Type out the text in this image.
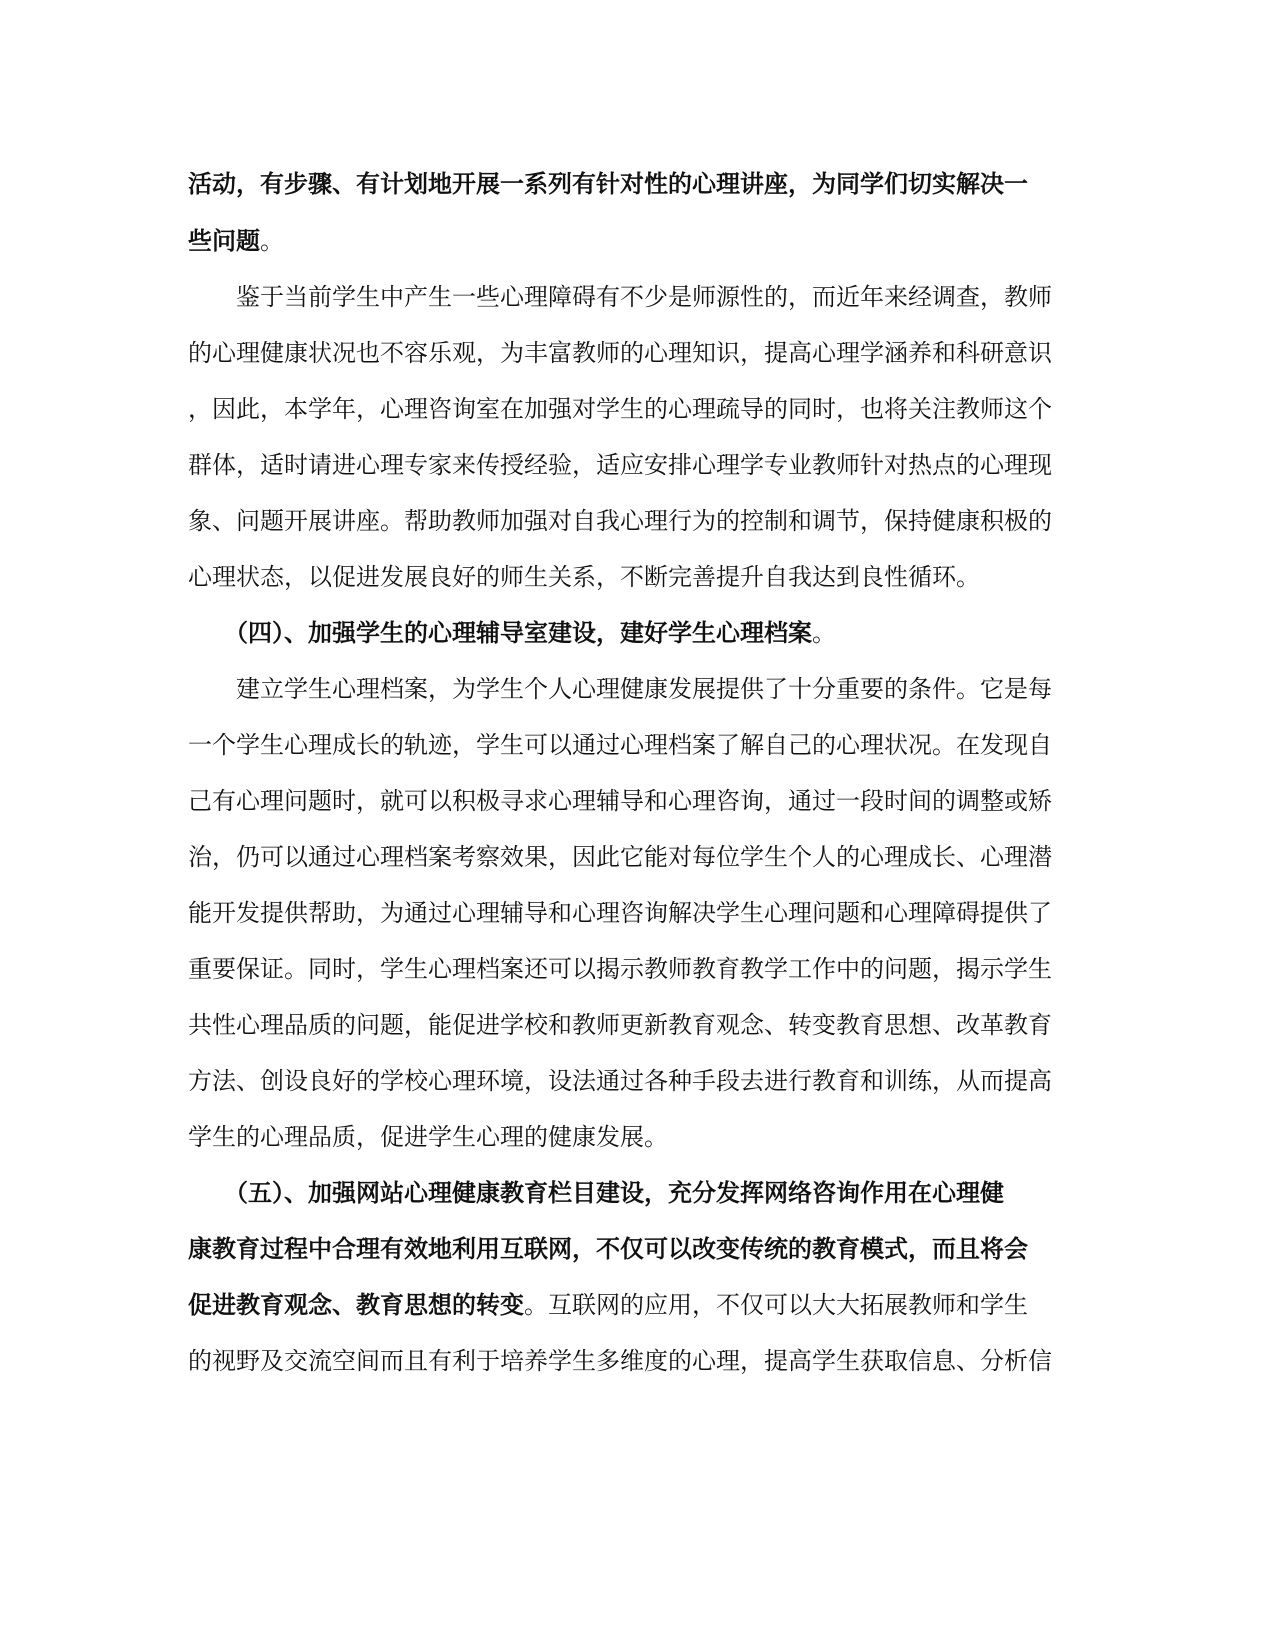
活动，有步骤、有计划地开展一系列有针对性的心理讲座，为同学们切实解决一
些问题。
　　鉴于当前学生中产生一些心理障碍有不少是师源性的，而近年来经调查，教师
的心理健康状况也不容乐观，为丰富教师的心理知识，提高心理学涵养和科研意识
，因此，本学年，心理咨询室在加强对学生的心理疏导的同时，也将关注教师这个
群体，适时请进心理专家来传授经验，适应安排心理学专业教师针对热点的心理现
象、问题开展讲座。帮助教师加强对自我心理行为的控制和调节，保持健康积极的
心理状态，以促进发展良好的师生关系，不断完善提升自我达到良性循环。
　　（四）、加强学生的心理辅导室建设，建好学生心理档案。
　　建立学生心理档案，为学生个人心理健康发展提供了十分重要的条件。它是每
一个学生心理成长的轨迹，学生可以通过心理档案了解自己的心理状况。在发现自
己有心理问题时，就可以积极寻求心理辅导和心理咨询，通过一段时间的调整或矫
治，仍可以通过心理档案考察效果，因此它能对每位学生个人的心理成长、心理潜
能开发提供帮助，为通过心理辅导和心理咨询解决学生心理问题和心理障碍提供了
重要保证。同时，学生心理档案还可以揭示教师教育教学工作中的问题，揭示学生
共性心理品质的问题，能促进学校和教师更新教育观念、转变教育思想、改革教育
方法、创设良好的学校心理环境，设法通过各种手段去进行教育和训练，从而提高
学生的心理品质，促进学生心理的健康发展。
　　（五）、加强网站心理健康教育栏目建设，充分发挥网络咨询作用在心理健
康教育过程中合理有效地利用互联网，不仅可以改变传统的教育模式，而且将会
促进教育观念、教育思想的转变。互联网的应用，不仅可以大大拓展教师和学生
的视野及交流空间而且有利于培养学生多维度的心理，提高学生获取信息、分析信
